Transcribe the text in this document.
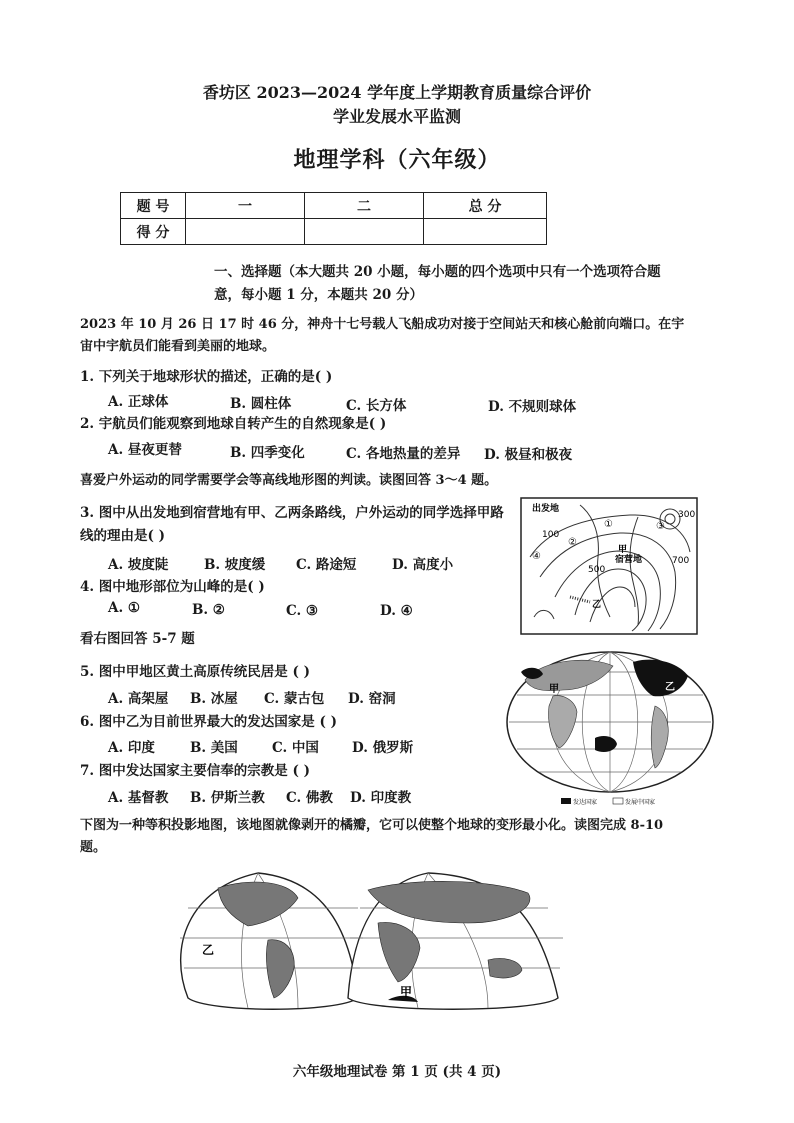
香坊区 2023—2024 学年度上学期教育质量综合评价
学业发展水平监测
地理学科（六年级）
题 号	一	二	总 分
得 分			
一、选择题（本大题共 20 小题，每小题的四个选项中只有一个选项符合题
意，每小题 1 分，本题共 20 分）
2023 年 10 月 26 日 17 时 46 分，神舟十七号载人飞船成功对接于空间站天和核心舱前向端口。在宇
宙中宇航员们能看到美丽的地球。
1. 下列关于地球形状的描述，正确的是( )
A. 正球体	B. 圆柱体	C. 长方体	D. 不规则球体
2. 宇航员们能观察到地球自转产生的自然现象是( )
A. 昼夜更替	B. 四季变化	C. 各地热量的差异 D. 极昼和极夜
喜爱户外运动的同学需要学会等高线地形图的判读。读图回答 3～4 题。
3. 图中从出发地到宿营地有甲、乙两条路线，户外运动的同学选择甲路
线的理由是( )
A. 坡度陡	B. 坡度缓 C. 路途短	D. 高度小
4. 图中地形部位为山峰的是( )
A. ①	B. ②	C. ③	D. ④
出发地
宿营地
甲
乙
100
300
500
700
①
②
③
④
看右图回答 5-7 题
5. 图中甲地区黄土高原传统民居是 ( )
A. 高架屋 B. 冰屋 C. 蒙古包 D. 窑洞
6. 图中乙为目前世界最大的发达国家是 ( )
A. 印度	B. 美国	C. 中国 D. 俄罗斯
7. 图中发达国家主要信奉的宗教是 ( )
A. 基督教 B. 伊斯兰教 C. 佛教 D. 印度教	发达国家	发展中国家
甲	乙
下图为一种等积投影地图，该地图就像剥开的橘瓣，它可以使整个地球的变形最小化。读图完成 8-10
题。
乙
甲
六年级地理试卷 第 1 页 (共 4 页)
